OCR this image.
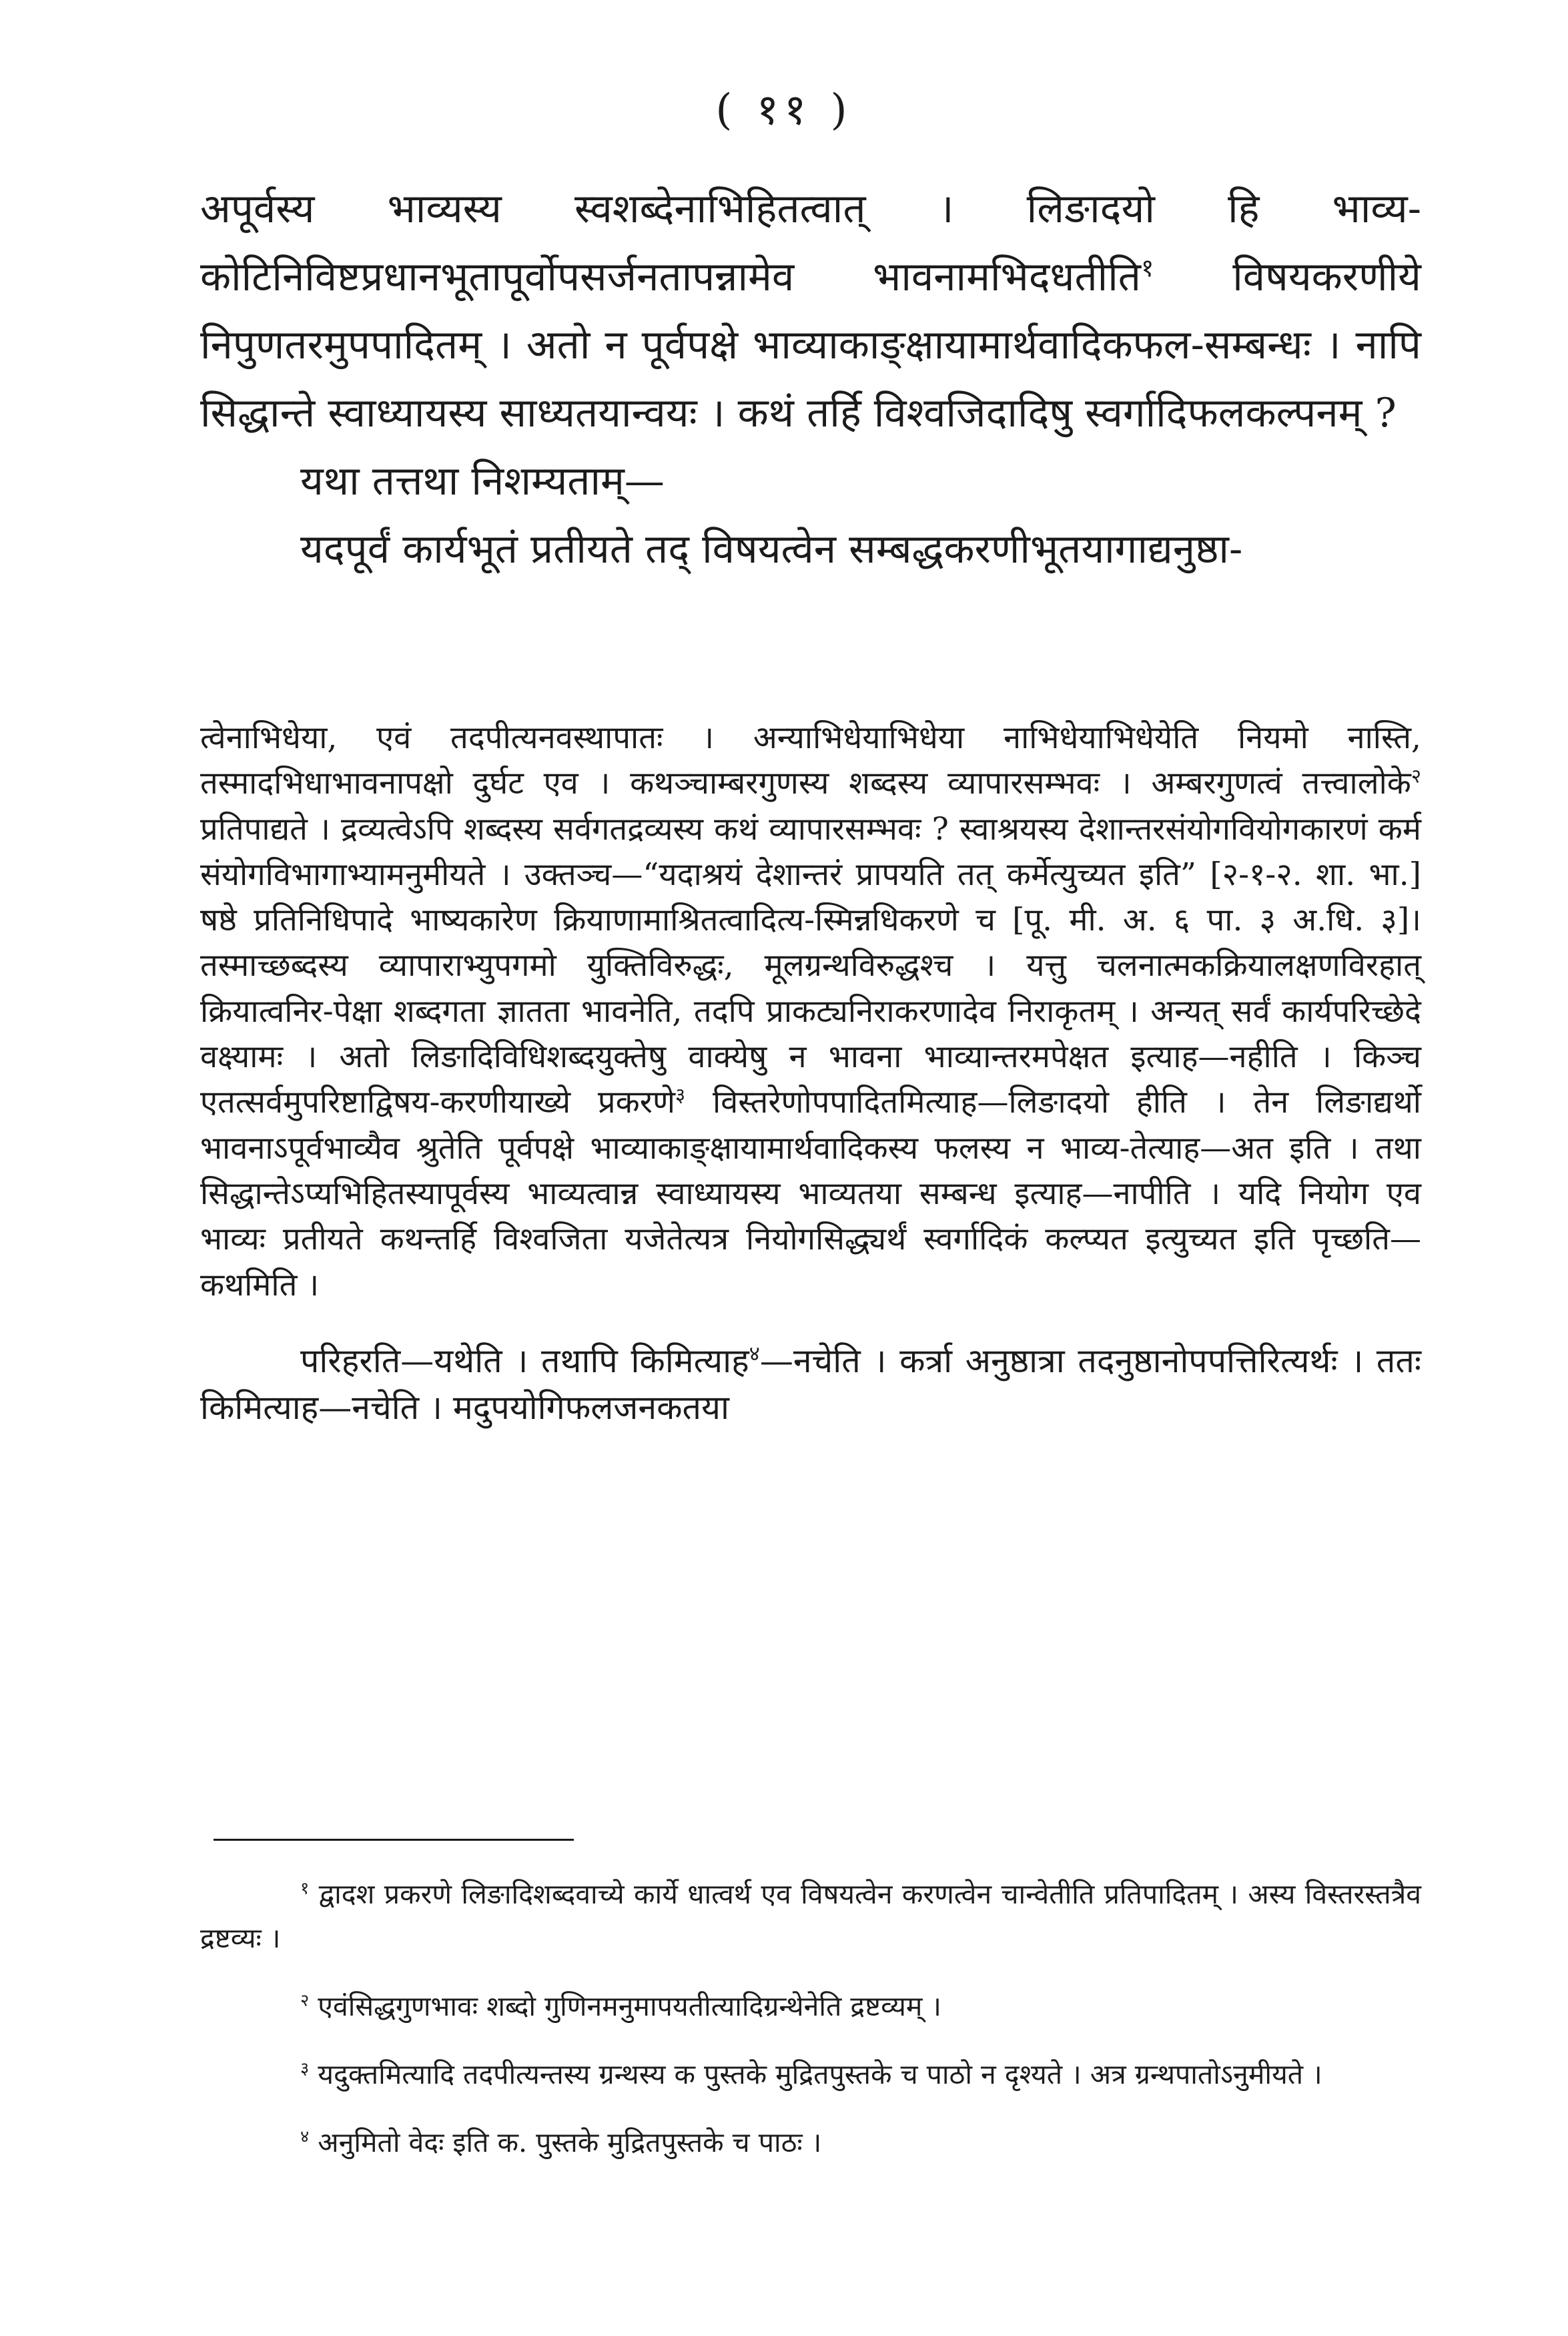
( ११ )

अपूर्वस्य भाव्यस्य स्वशब्देनाभिहितत्वात् । लिङादयो हि भाव्य-कोटिनिविष्टप्रधानभूतापूर्वोपसर्जनतापन्नामेव भावनामभिदधतीति$^१$ विषयकरणीये निपुणतरमुपपादितम् । अतो न पूर्वपक्षे भाव्याकाङ्क्षायामार्थवादिकफल-सम्बन्धः । नापि सिद्धान्ते स्वाध्यायस्य साध्यतयान्वयः । कथं तर्हि विश्वजिदादिषु स्वर्गादिफलकल्पनम् ?

यथा तत्तथा निशम्यताम्—

यदपूर्वं कार्यभूतं प्रतीयते तद् विषयत्वेन सम्बद्धकरणीभूतयागाद्यनुष्ठा-

त्वेनाभिधेया, एवं तदपीत्यनवस्थापातः । अन्याभिधेयाभिधेया नाभिधेयाभिधेयेति नियमो नास्ति, तस्मादभिधाभावनापक्षो दुर्घट एव । कथञ्चाम्बरगुणस्य शब्दस्य व्यापारसम्भवः । अम्बरगुणत्वं तत्त्वालोके$^२$ प्रतिपाद्यते । द्रव्यत्वेऽपि शब्दस्य सर्वगतद्रव्यस्य कथं व्यापारसम्भवः ? स्वाश्रयस्य देशान्तरसंयोगवियोगकारणं कर्म संयोगविभागाभ्यामनुमीयते । उक्तञ्च—“यदाश्रयं देशान्तरं प्रापयति तत् कर्मेत्युच्यत इति” [२-१-२. शा. भा.] षष्ठे प्रतिनिधिपादे भाष्यकारेण क्रियाणामाश्रितत्वादित्य-स्मिन्नधिकरणे च [पू. मी. अ. ६ पा. ३ अ.धि. ३]। तस्माच्छब्दस्य व्यापाराभ्युपगमो युक्तिविरुद्धः, मूलग्रन्थविरुद्धश्च । यत्तु चलनात्मकक्रियालक्षणविरहात् क्रियात्वनिर-पेक्षा शब्दगता ज्ञातता भावनेति, तदपि प्राकट्यनिराकरणादेव निराकृतम् । अन्यत् सर्वं कार्यपरिच्छेदे वक्ष्यामः । अतो लिङादिविधिशब्दयुक्तेषु वाक्येषु न भावना भाव्यान्तरमपेक्षत इत्याह—नहीति । किञ्च एतत्सर्वमुपरिष्टाद्विषय-करणीयाख्ये प्रकरणे$^३$ विस्तरेणोपपादितमित्याह—लिङादयो हीति । तेन लिङाद्यर्थो भावनाऽपूर्वभाव्यैव श्रुतेति पूर्वपक्षे भाव्याकाङ्क्षायामार्थवादिकस्य फलस्य न भाव्य-तेत्याह—अत इति । तथा सिद्धान्तेऽप्यभिहितस्यापूर्वस्य भाव्यत्वान्न स्वाध्यायस्य भाव्यतया सम्बन्ध इत्याह—नापीति । यदि नियोग एव भाव्यः प्रतीयते कथन्तर्हि विश्वजिता यजेतेत्यत्र नियोगसिद्ध्यर्थं स्वर्गादिकं कल्प्यत इत्युच्यत इति पृच्छति—कथमिति ।

परिहरति—यथेति । तथापि किमित्याह$^४$—नचेति । कर्त्रा अनुष्ठात्रा तदनुष्ठानोपपत्तिरित्यर्थः । ततः किमित्याह—नचेति । मदुपयोगिफलजनकतया

$^१$ द्वादश प्रकरणे लिङादिशब्दवाच्ये कार्ये धात्वर्थ एव विषयत्वेन करणत्वेन चान्वेतीति प्रतिपादितम् । अस्य विस्तरस्तत्रैव द्रष्टव्यः ।

$^२$ एवंसिद्धगुणभावः शब्दो गुणिनमनुमापयतीत्यादिग्रन्थेनेति द्रष्टव्यम् ।

$^३$ यदुक्तमित्यादि तदपीत्यन्तस्य ग्रन्थस्य क पुस्तके मुद्रितपुस्तके च पाठो न दृश्यते । अत्र ग्रन्थपातोऽनुमीयते ।

$^४$ अनुमितो वेदः इति क. पुस्तके मुद्रितपुस्तके च पाठः ।
